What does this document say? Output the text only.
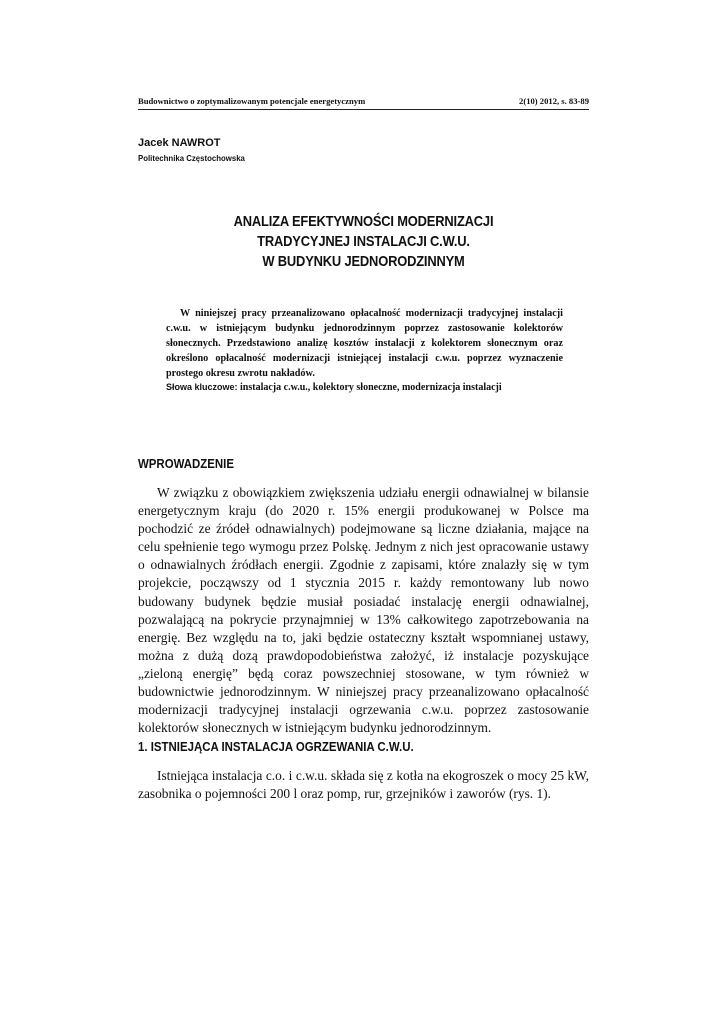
Budownictwo o zoptymalizowanym potencjale energetycznym	2(10) 2012, s. 83-89
Jacek NAWROT
Politechnika Częstochowska
ANALIZA EFEKTYWNOŚCI MODERNIZACJI
TRADYCYJNEJ INSTALACJI C.W.U.
W BUDYNKU JEDNORODZINNYM

W niniejszej pracy przeanalizowano opłacalność modernizacji tradycyjnej instalacji c.w.u. w istniejącym budynku jednorodzinnym poprzez zastosowanie kolektorów słonecznych. Przedstawiono analizę kosztów instalacji z kolektorem słonecznym oraz określono opłacalność modernizacji istniejącej instalacji c.w.u. poprzez wyznaczenie prostego okresu zwrotu nakładów.

Słowa kluczowe: instalacja c.w.u., kolektory słoneczne, modernizacja instalacji
WPROWADZENIE

W związku z obowiązkiem zwiększenia udziału energii odnawialnej w bilansie energetycznym kraju (do 2020 r. 15% energii produkowanej w Polsce ma pochodzić ze źródeł odnawialnych) podejmowane są liczne działania, mające na celu spełnienie tego wymogu przez Polskę. Jednym z nich jest opracowanie ustawy o odnawialnych źródłach energii. Zgodnie z zapisami, które znalazły się w tym projekcie, począwszy od 1 stycznia 2015 r. każdy remontowany lub nowo budowany budynek będzie musiał posiadać instalację energii odnawialnej, pozwalającą na pokrycie przynajmniej w 13% całkowitego zapotrzebowania na energię. Bez względu na to, jaki będzie ostateczny kształt wspomnianej ustawy, można z dużą dozą prawdopodobieństwa założyć, iż instalacje pozyskujące „zieloną energię” będą coraz powszechniej stosowane, w tym również w budownictwie jednorodzinnym. W niniejszej pracy przeanalizowano opłacalność modernizacji tradycyjnej instalacji ogrzewania c.w.u. poprzez zastosowanie kolektorów słonecznych w istniejącym budynku jednorodzinnym.

1. ISTNIEJĄCA INSTALACJA OGRZEWANIA C.W.U.

Istniejąca instalacja c.o. i c.w.u. składa się z kotła na ekogroszek o mocy 25 kW, zasobnika o pojemności 200 l oraz pomp, rur, grzejników i zaworów (rys. 1).
